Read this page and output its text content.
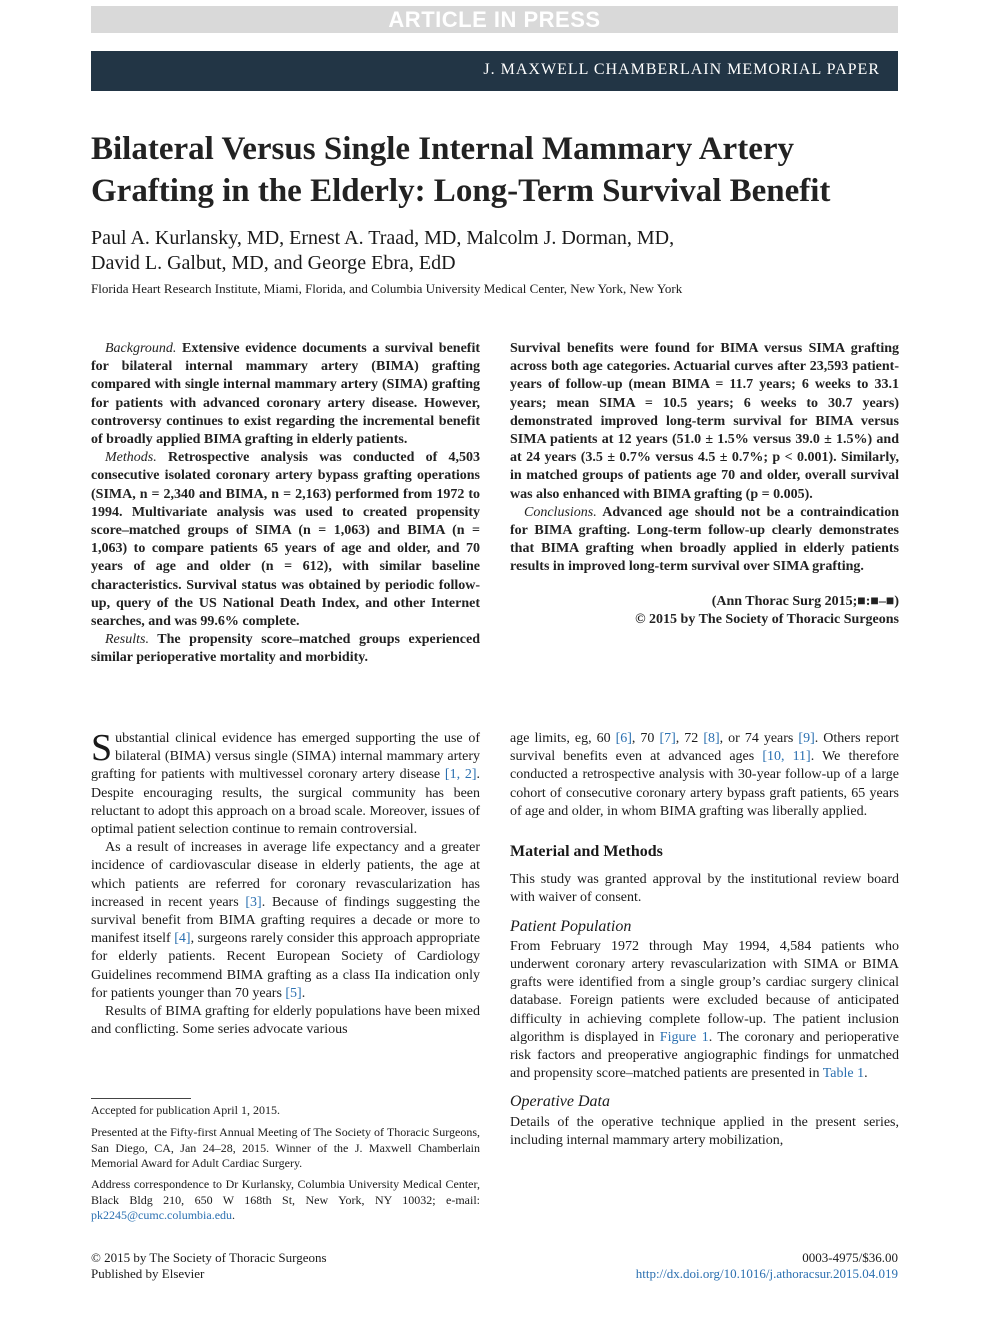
ARTICLE IN PRESS
J. MAXWELL CHAMBERLAIN MEMORIAL PAPER
Bilateral Versus Single Internal Mammary Artery Grafting in the Elderly: Long-Term Survival Benefit
Paul A. Kurlansky, MD, Ernest A. Traad, MD, Malcolm J. Dorman, MD,
David L. Galbut, MD, and George Ebra, EdD
Florida Heart Research Institute, Miami, Florida, and Columbia University Medical Center, New York, New York

Background. Extensive evidence documents a survival benefit for bilateral internal mammary artery (BIMA) grafting compared with single internal mammary artery (SIMA) grafting for patients with advanced coronary artery disease. However, controversy continues to exist regarding the incremental benefit of broadly applied BIMA grafting in elderly patients.

Methods. Retrospective analysis was conducted of 4,503 consecutive isolated coronary artery bypass grafting operations (SIMA, n = 2,340 and BIMA, n = 2,163) performed from 1972 to 1994. Multivariate analysis was used to created propensity score–matched groups of SIMA (n = 1,063) and BIMA (n = 1,063) to compare patients 65 years of age and older, and 70 years of age and older (n = 612), with similar baseline characteristics. Survival status was obtained by periodic follow-up, query of the US National Death Index, and other Internet searches, and was 99.6% complete.

Results. The propensity score–matched groups experienced similar perioperative mortality and morbidity.

Survival benefits were found for BIMA versus SIMA grafting across both age categories. Actuarial curves after 23,593 patient-years of follow-up (mean BIMA = 11.7 years; 6 weeks to 33.1 years; mean SIMA = 10.5 years; 6 weeks to 30.7 years) demonstrated improved long-term survival for BIMA versus SIMA patients at 12 years (51.0 ± 1.5% versus 39.0 ± 1.5%) and at 24 years (3.5 ± 0.7% versus 4.5 ± 0.7%; p < 0.001). Similarly, in matched groups of patients age 70 and older, overall survival was also enhanced with BIMA grafting (p = 0.005).

Conclusions. Advanced age should not be a contraindication for BIMA grafting. Long-term follow-up clearly demonstrates that BIMA grafting when broadly applied in elderly patients results in improved long-term survival over SIMA grafting.

(Ann Thorac Surg 2015;■:■–■)
© 2015 by The Society of Thoracic Surgeons

Substantial clinical evidence has emerged supporting the use of bilateral (BIMA) versus single (SIMA) internal mammary artery grafting for patients with multivessel coronary artery disease [1, 2]. Despite encouraging results, the surgical community has been reluctant to adopt this approach on a broad scale. Moreover, issues of optimal patient selection continue to remain controversial.

As a result of increases in average life expectancy and a greater incidence of cardiovascular disease in elderly patients, the age at which patients are referred for coronary revascularization has increased in recent years [3]. Because of findings suggesting the survival benefit from BIMA grafting requires a decade or more to manifest itself [4], surgeons rarely consider this approach appropriate for elderly patients. Recent European Society of Cardiology Guidelines recommend BIMA grafting as a class IIa indication only for patients younger than 70 years [5].

Results of BIMA grafting for elderly populations have been mixed and conflicting. Some series advocate various

age limits, eg, 60 [6], 70 [7], 72 [8], or 74 years [9]. Others report survival benefits even at advanced ages [10, 11]. We therefore conducted a retrospective analysis with 30-year follow-up of a large cohort of consecutive coronary artery bypass graft patients, 65 years of age and older, in whom BIMA grafting was liberally applied.

Material and Methods

This study was granted approval by the institutional review board with waiver of consent.

Patient Population

From February 1972 through May 1994, 4,584 patients who underwent coronary artery revascularization with SIMA or BIMA grafts were identified from a single group’s cardiac surgery clinical database. Foreign patients were excluded because of anticipated difficulty in achieving complete follow-up. The patient inclusion algorithm is displayed in Figure 1. The coronary and perioperative risk factors and preoperative angiographic findings for unmatched and propensity score–matched patients are presented in Table 1.

Operative Data

Details of the operative technique applied in the present series, including internal mammary artery mobilization,

Accepted for publication April 1, 2015.
Presented at the Fifty-first Annual Meeting of The Society of Thoracic Surgeons, San Diego, CA, Jan 24–28, 2015. Winner of the J. Maxwell Chamberlain Memorial Award for Adult Cardiac Surgery.
Address correspondence to Dr Kurlansky, Columbia University Medical Center, Black Bldg 210, 650 W 168th St, New York, NY 10032; e-mail: pk2245@cumc.columbia.edu.
© 2015 by The Society of Thoracic Surgeons
Published by Elsevier
0003-4975/$36.00
http://dx.doi.org/10.1016/j.athoracsur.2015.04.019
